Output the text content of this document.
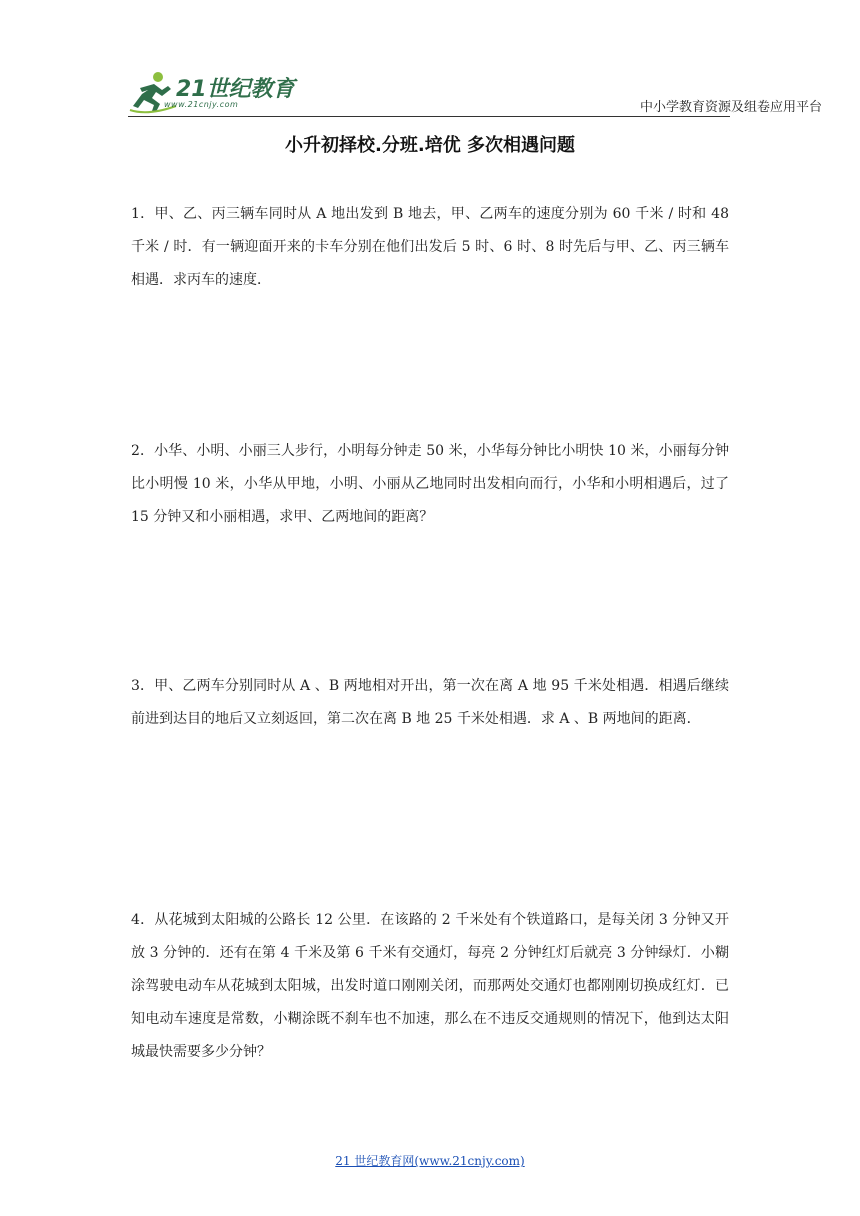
21世纪教育
www.21cnjy.com	中小学教育资源及组卷应用平台
小升初择校.分班.培优 多次相遇问题
1．甲、乙、丙三辆车同时从 A 地出发到 B 地去，甲、乙两车的速度分别为 60 千米 / 时和 48 千米 / 时．有一辆迎面开来的卡车分别在他们出发后 5 时、6 时、8 时先后与甲、乙、丙三辆车相遇．求丙车的速度．
2．小华、小明、小丽三人步行，小明每分钟走 50 米，小华每分钟比小明快 10 米，小丽每分钟比小明慢 10 米，小华从甲地，小明、小丽从乙地同时出发相向而行，小华和小明相遇后，过了 15 分钟又和小丽相遇，求甲、乙两地间的距离？
3．甲、乙两车分别同时从 A 、B 两地相对开出，第一次在离 A 地 95 千米处相遇．相遇后继续前进到达目的地后又立刻返回，第二次在离 B 地 25 千米处相遇．求 A 、B 两地间的距离．
4．从花城到太阳城的公路长 12 公里．在该路的 2 千米处有个铁道路口，是每关闭 3 分钟又开放 3 分钟的．还有在第 4 千米及第 6 千米有交通灯，每亮 2 分钟红灯后就亮 3 分钟绿灯．小糊涂驾驶电动车从花城到太阳城，出发时道口刚刚关闭，而那两处交通灯也都刚刚切换成红灯．已知电动车速度是常数，小糊涂既不刹车也不加速，那么在不违反交通规则的情况下，他到达太阳城最快需要多少分钟？
21 世纪教育网(www.21cnjy.com)
